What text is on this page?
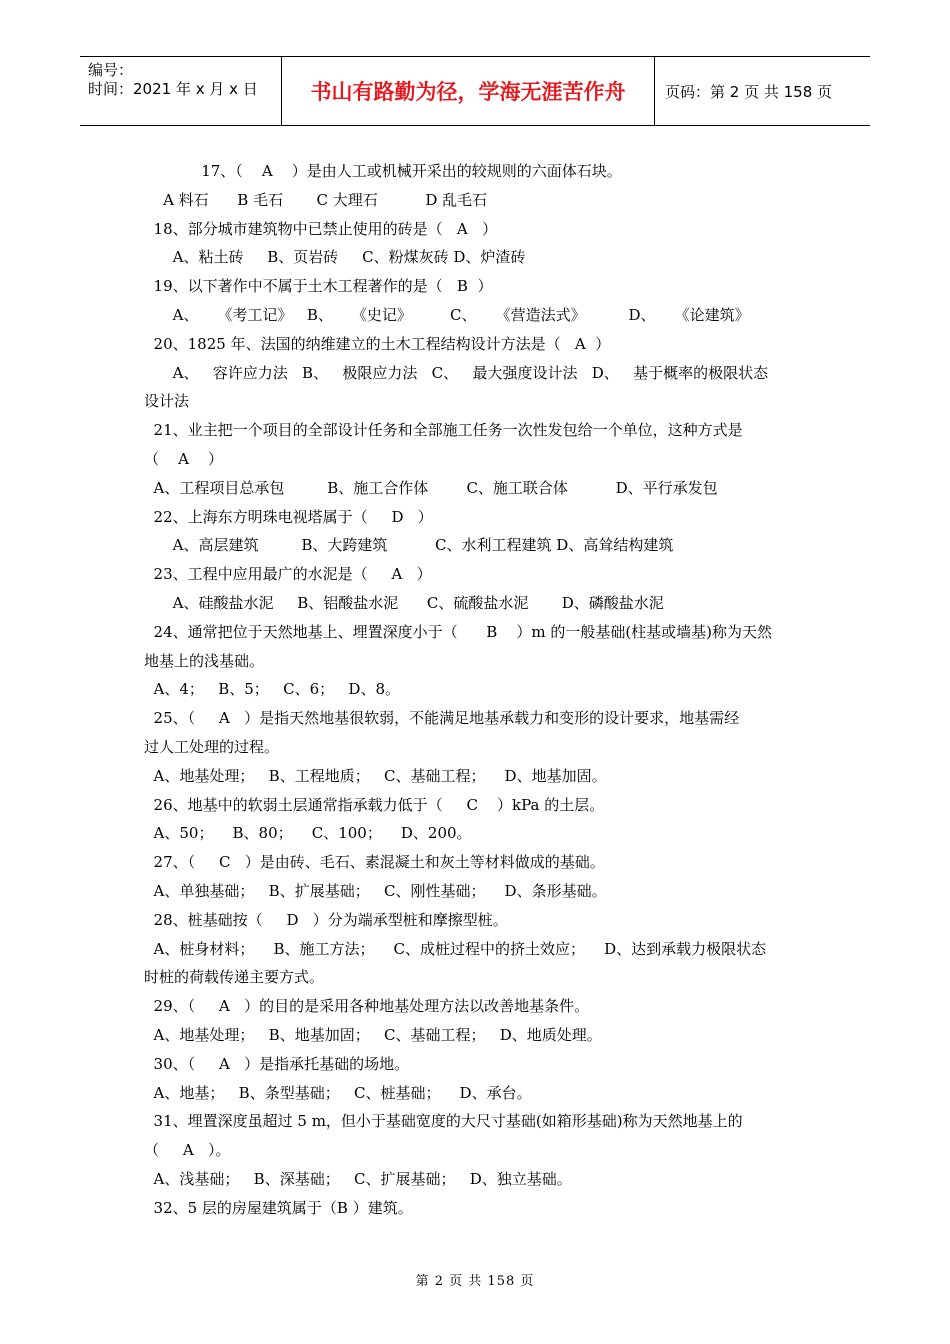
编号：
时间：2021 年 x 月 x 日	书山有路勤为径，学海无涯苦作舟	页码：第 2 页 共 158 页
17、（    A    ）是由人工或机械开采出的较规则的六面体石块。
A 料石      B 毛石       C 大理石          D 乱毛石
18、部分城市建筑物中已禁止使用的砖是（   A   ）
A、粘土砖     B、页岩砖     C、粉煤灰砖 D、炉渣砖
19、以下著作中不属于土木工程著作的是（   B  ）
A、    《考工记》   B、    《史记》        C、    《营造法式》         D、    《论建筑》
20、1825 年、法国的纳维建立的土木工程结构设计方法是（   A  ）
A、   容许应力法   B、   极限应力法   C、   最大强度设计法   D、   基于概率的极限状态
设计法
21、业主把一个项目的全部设计任务和全部施工任务一次性发包给一个单位，这种方式是
（    A    ）
A、工程项目总承包         B、施工合作体        C、施工联合体          D、平行承发包
22、上海东方明珠电视塔属于（     D   ）
A、高层建筑         B、大跨建筑          C、水利工程建筑 D、高耸结构建筑
23、工程中应用最广的水泥是（     A   ）
A、硅酸盐水泥     B、铝酸盐水泥      C、硫酸盐水泥       D、磷酸盐水泥
24、通常把位于天然地基上、埋置深度小于（      B    ）m 的一般基础(柱基或墙基)称为天然
地基上的浅基础。
A、4；   B、5；   C、6；   D、8。
25、（     A   ）是指天然地基很软弱，不能满足地基承载力和变形的设计要求，地基需经
过人工处理的过程。
A、地基处理；   B、工程地质；   C、基础工程；    D、地基加固。
26、地基中的软弱土层通常指承载力低于（     C    ）kPa 的土层。
A、50；    B、80；    C、100；    D、200。
27、（     C   ）是由砖、毛石、素混凝土和灰土等材料做成的基础。
A、单独基础；   B、扩展基础；   C、刚性基础；    D、条形基础。
28、桩基础按（     D   ）分为端承型桩和摩擦型桩。
A、桩身材料；    B、施工方法；    C、成桩过程中的挤土效应；    D、达到承载力极限状态
时桩的荷载传递主要方式。
29、（     A   ）的目的是采用各种地基处理方法以改善地基条件。
A、地基处理；   B、地基加固；   C、基础工程；   D、地质处理。
30、（     A   ）是指承托基础的场地。
A、地基；   B、条型基础；   C、桩基础；    D、承台。
31、埋置深度虽超过 5 m，但小于基础宽度的大尺寸基础(如箱形基础)称为天然地基上的
（     A   ）。
A、浅基础；   B、深基础；   C、扩展基础；   D、独立基础。
32、5 层的房屋建筑属于（B ）建筑。
第 2 页 共 158 页
